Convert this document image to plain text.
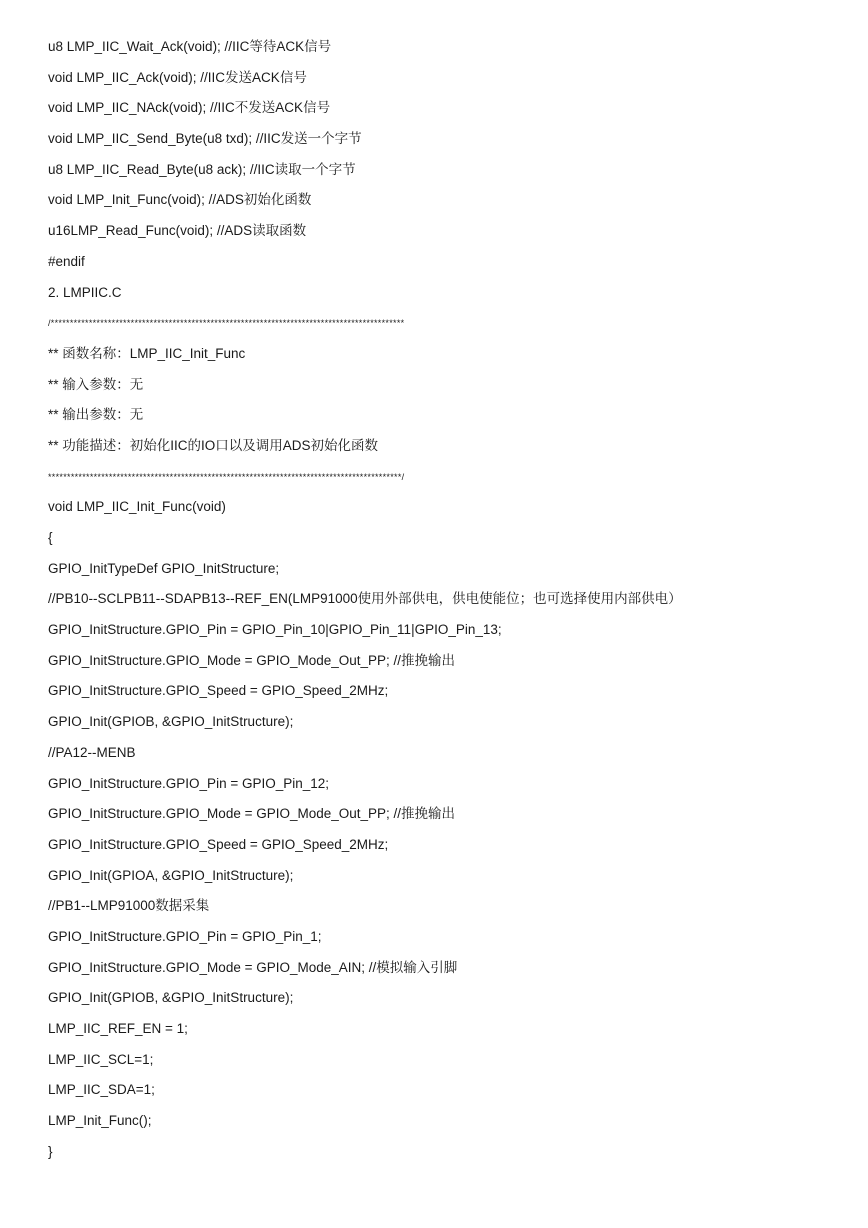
u8 LMP_IIC_Wait_Ack(void); //IIC等待ACK信号
void LMP_IIC_Ack(void); //IIC发送ACK信号
void LMP_IIC_NAck(void); //IIC不发送ACK信号
void LMP_IIC_Send_Byte(u8 txd); //IIC发送一个字节
u8 LMP_IIC_Read_Byte(u8 ack); //IIC读取一个字节
void LMP_Init_Func(void); //ADS初始化函数
u16LMP_Read_Func(void); //ADS读取函数
#endif
2. LMPIIC.C
/*********************************************************************************************
** 函数名称：LMP_IIC_Init_Func
** 输入参数：无
** 输出参数：无
** 功能描述：初始化IIC的IO口以及调用ADS初始化函数
*********************************************************************************************/
void LMP_IIC_Init_Func(void)
{
GPIO_InitTypeDef GPIO_InitStructure;
//PB10--SCLPB11--SDAPB13--REF_EN(LMP91000使用外部供电，供电使能位；也可选择使用内部供电）
GPIO_InitStructure.GPIO_Pin = GPIO_Pin_10|GPIO_Pin_11|GPIO_Pin_13;
GPIO_InitStructure.GPIO_Mode = GPIO_Mode_Out_PP; //推挽输出
GPIO_InitStructure.GPIO_Speed = GPIO_Speed_2MHz;
GPIO_Init(GPIOB, &GPIO_InitStructure);
//PA12--MENB
GPIO_InitStructure.GPIO_Pin = GPIO_Pin_12;
GPIO_InitStructure.GPIO_Mode = GPIO_Mode_Out_PP; //推挽输出
GPIO_InitStructure.GPIO_Speed = GPIO_Speed_2MHz;
GPIO_Init(GPIOA, &GPIO_InitStructure);
//PB1--LMP91000数据采集
GPIO_InitStructure.GPIO_Pin = GPIO_Pin_1;
GPIO_InitStructure.GPIO_Mode = GPIO_Mode_AIN; //模拟输入引脚
GPIO_Init(GPIOB, &GPIO_InitStructure);
LMP_IIC_REF_EN = 1;
LMP_IIC_SCL=1;
LMP_IIC_SDA=1;
LMP_Init_Func();
}
